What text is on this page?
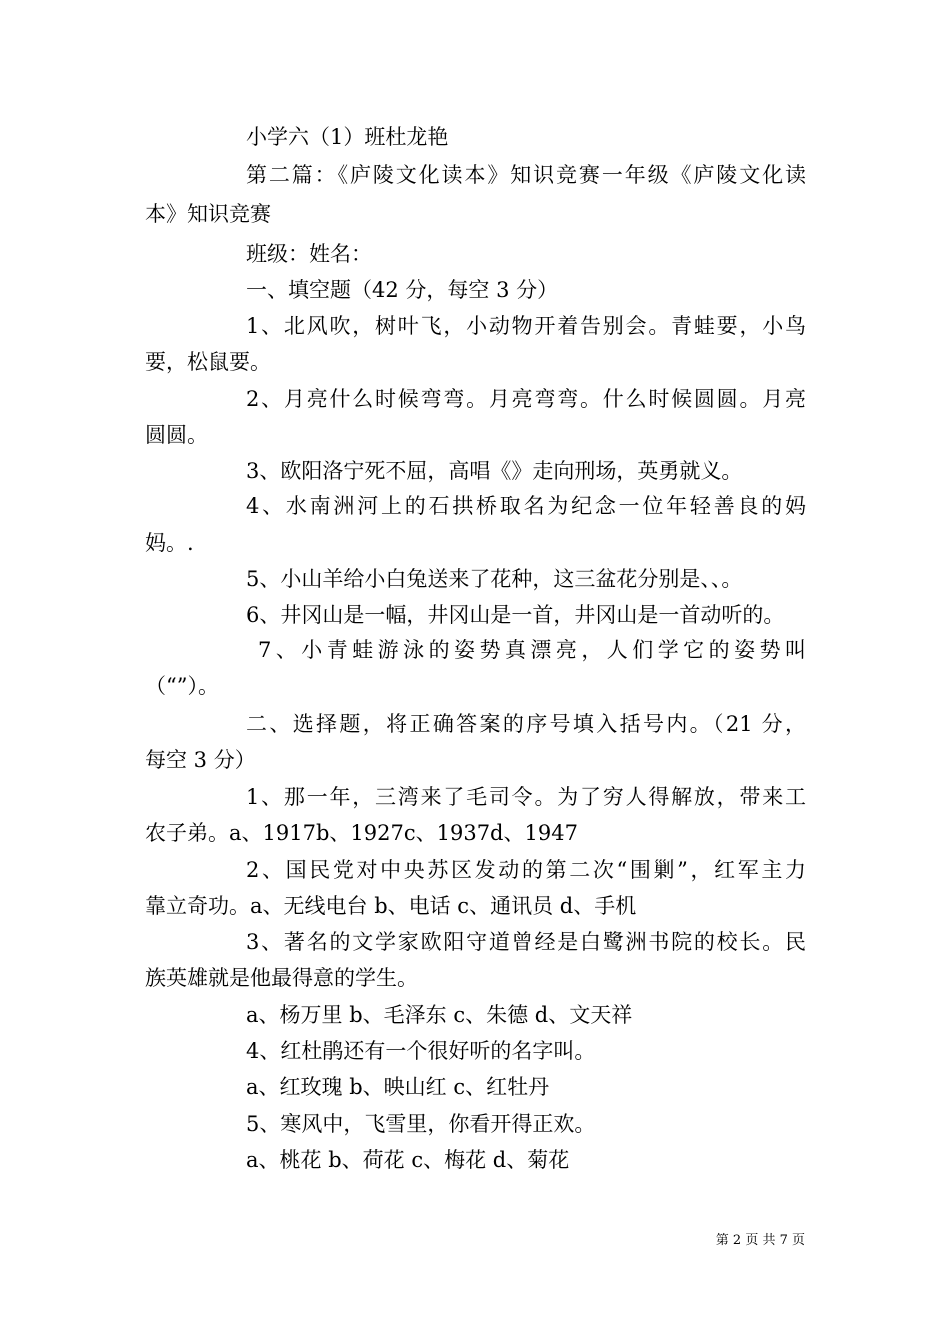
小学六（1）班杜龙艳
第二篇：《庐陵文化读本》知识竞赛一年级《庐陵文化读
本》知识竞赛
班级：姓名：
一、填空题（42 分，每空 3 分）
1、北风吹，树叶飞，小动物开着告别会。青蛙要，小鸟
要，松鼠要。
2、月亮什么时候弯弯。月亮弯弯。什么时候圆圆。月亮
圆圆。
3、欧阳洛宁死不屈，高唱《》走向刑场，英勇就义。
4、水南洲河上的石拱桥取名为纪念一位年轻善良的妈
妈。.
5、小山羊给小白兔送来了花种，这三盆花分别是、、。
6、井冈山是一幅，井冈山是一首，井冈山是一首动听的。
7、小青蛙游泳的姿势真漂亮，人们学它的姿势叫
（“”）。
二、选择题，将正确答案的序号填入括号内。（21 分，
每空 3 分）
1、那一年，三湾来了毛司令。为了穷人得解放，带来工
农子弟。a、1917b、1927c、1937d、1947
2、国民党对中央苏区发动的第二次“围剿”，红军主力
靠立奇功。a、无线电台 b、电话 c、通讯员 d、手机
3、著名的文学家欧阳守道曾经是白鹭洲书院的校长。民
族英雄就是他最得意的学生。
a、杨万里 b、毛泽东 c、朱德 d、文天祥
4、红杜鹃还有一个很好听的名字叫。
a、红玫瑰 b、映山红 c、红牡丹
5、寒风中，飞雪里，你看开得正欢。
a、桃花 b、荷花 c、梅花 d、菊花
第 2 页 共 7 页
